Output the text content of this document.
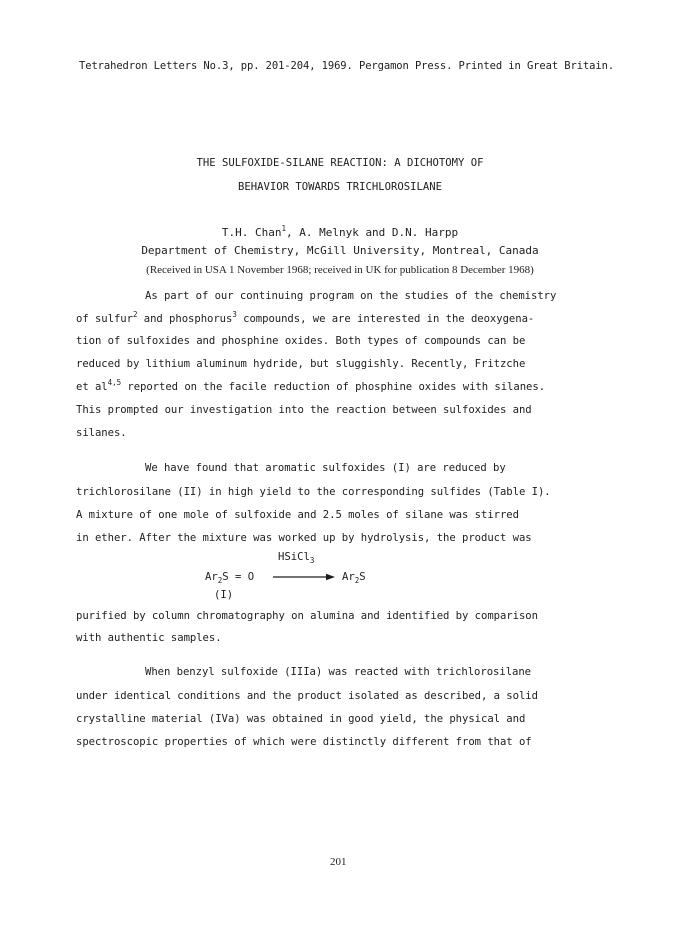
Tetrahedron Letters No.3, pp. 201-204, 1969. Pergamon Press. Printed in Great Britain.
THE SULFOXIDE-SILANE REACTION: A DICHOTOMY OF
BEHAVIOR TOWARDS TRICHLOROSILANE
T.H. Chan$^1$, A. Melnyk and D.N. Harpp
Department of Chemistry, McGill University, Montreal, Canada
(Received in USA 1 November 1968; received in UK for publication 8 December 1968)
As part of our continuing program on the studies of the chemistry
of sulfur$^2$ and phosphorus$^3$ compounds, we are interested in the deoxygena-
tion of sulfoxides and phosphine oxides. Both types of compounds can be
reduced by lithium aluminum hydride, but sluggishly. Recently, Fritzche
et al$^{4,5}$ reported on the facile reduction of phosphine oxides with silanes.
This prompted our investigation into the reaction between sulfoxides and
silanes.
We have found that aromatic sulfoxides (I) are reduced by
trichlorosilane (II) in high yield to the corresponding sulfides (Table I).
A mixture of one mole of sulfoxide and 2.5 moles of silane was stirred
in ether. After the mixture was worked up by hydrolysis, the product was
HSiCl$_3$
$Ar_2S = O \to Ar_2S$
(I)
purified by column chromatography on alumina and identified by comparison
with authentic samples.
When benzyl sulfoxide (IIIa) was reacted with trichlorosilane
under identical conditions and the product isolated as described, a solid
crystalline material (IVa) was obtained in good yield, the physical and
spectroscopic properties of which were distinctly different from that of
201
